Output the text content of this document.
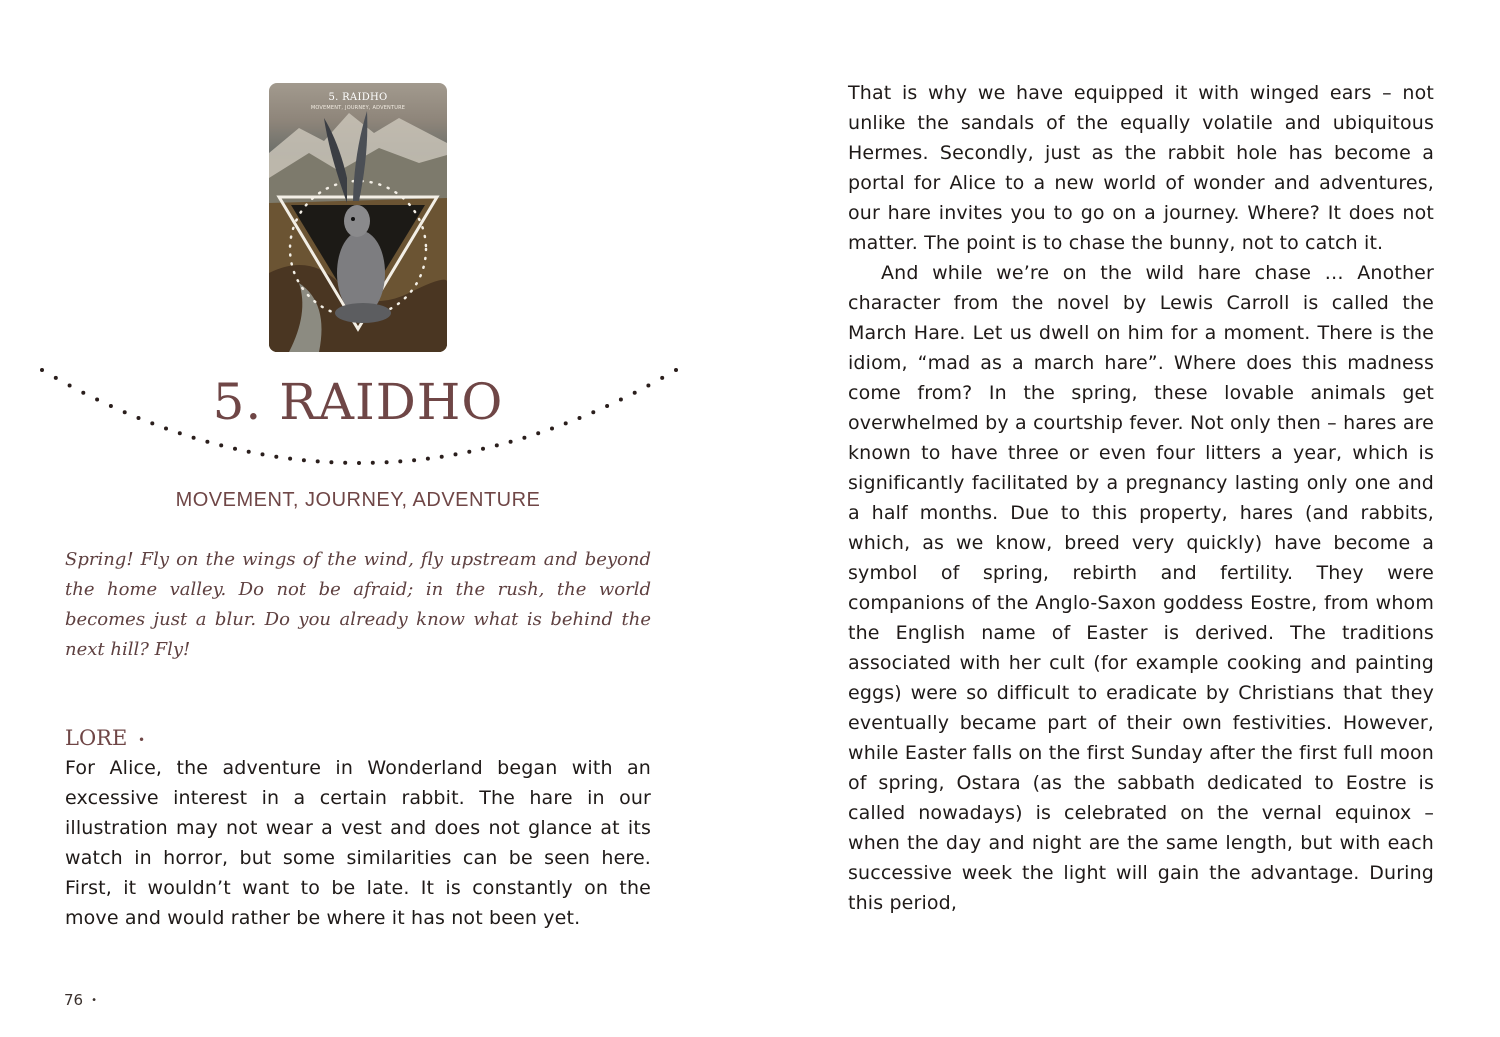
5. RAIDHO
MOVEMENT, JOURNEY, ADVENTURE
5. RAIDHO
MOVEMENT, JOURNEY, ADVENTURE

Spring! Fly on the wings of the wind, fly upstream and beyond the home valley. Do not be afraid; in the rush, the world becomes just a blur. Do you already know what is behind the next hill? Fly!

LORE •

For Alice, the adventure in Wonderland began with an excessive interest in a certain rabbit. The hare in our illustration may not wear a vest and does not glance at its watch in horror, but some similarities can be seen here. First, it wouldn’t want to be late. It is constantly on the move and would rather be where it has not been yet.

76 •

That is why we have equipped it with winged ears – not unlike the sandals of the equally volatile and ubiquitous Hermes. Secondly, just as the rabbit hole has become a portal for Alice to a new world of wonder and adventures, our hare invites you to go on a journey. Where? It does not matter. The point is to chase the bunny, not to catch it.

And while we’re on the wild hare chase … Another character from the novel by Lewis Carroll is called the March Hare. Let us dwell on him for a moment. There is the idiom, “mad as a march hare”. Where does this madness come from? In the spring, these lovable animals get overwhelmed by a courtship fever. Not only then – hares are known to have three or even four litters a year, which is significantly facilitated by a pregnancy lasting only one and a half months. Due to this property, hares (and rabbits, which, as we know, breed very quickly) have become a symbol of spring, rebirth and fertility. They were companions of the Anglo-Saxon goddess Eostre, from whom the English name of Easter is derived. The traditions associated with her cult (for example cooking and painting eggs) were so difficult to eradicate by Christians that they eventually became part of their own festivities. However, while Easter falls on the first Sunday after the first full moon of spring, Ostara (as the sabbath dedicated to Eostre is called nowadays) is celebrated on the vernal equinox – when the day and night are the same length, but with each successive week the light will gain the advantage. During this period,
